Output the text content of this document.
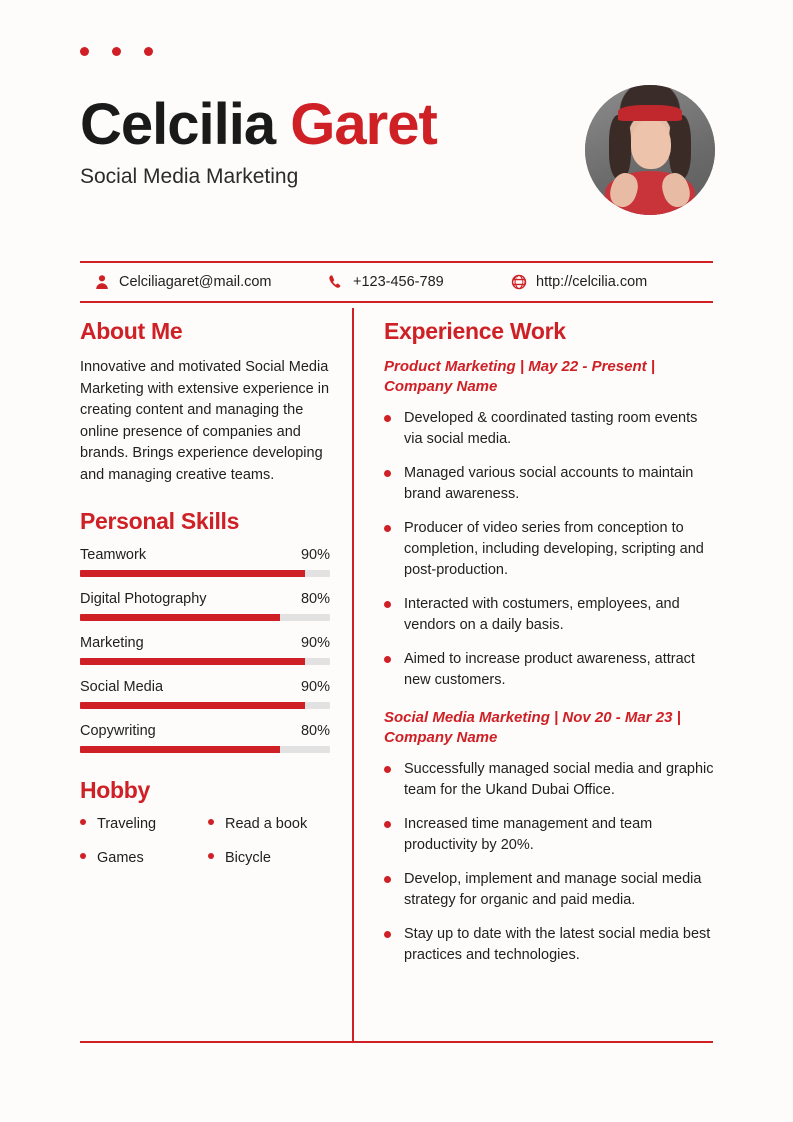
Celcilia Garet
Social Media Marketing
Celciliagaret@mail.com	+123-456-789	http://celcilia.com
About Me

Innovative and motivated Social Media Marketing with extensive experience in creating content and managing the online presence of companies and brands. Brings experience developing and managing creative teams.

Personal Skills
Teamwork	90%
Digital Photography	80%
Marketing	90%
Social Media	90%
Copywriting	80%
Hobby
Traveling	Read a book
Games	Bicycle
Experience Work
Product Marketing | May 22 - Present | Company Name
Developed & coordinated tasting room events via social media.
Managed various social accounts to maintain brand awareness.
Producer of video series from conception to completion, including developing, scripting and post-production.
Interacted with costumers, employees, and vendors on a daily basis.
Aimed to increase product awareness, attract new customers.
Social Media Marketing | Nov 20 - Mar 23 | Company Name
Successfully managed social media and graphic team for the Ukand Dubai Office.
Increased time management and team productivity by 20%.
Develop, implement and manage social media strategy for organic and paid media.
Stay up to date with the latest social media best practices and technologies.
